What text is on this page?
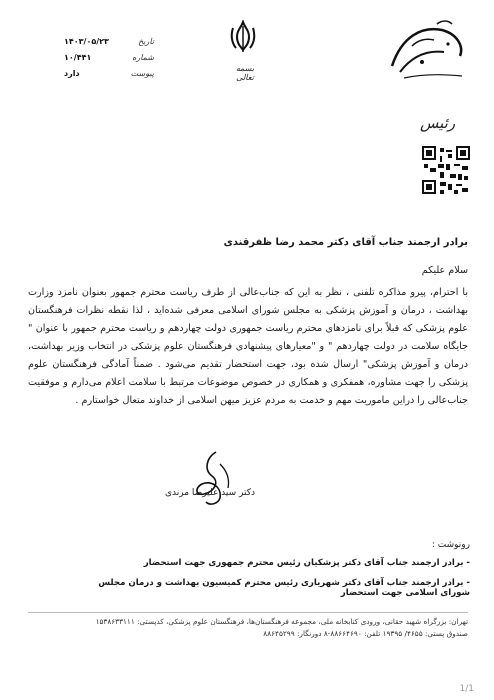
تاریخ
۱۴۰۳/۰۵/۲۳
شماره
۱۰/۴۴۱
پیوست
دارد
بسمه تعالی
رئیس
برادر ارجمند جناب آقای دکتر محمد رضا ظفرقندی
سلام علیکم
با احترام، پیرو مذاکره تلفنی ، نظر به این که جناب‌عالی از طرف ریاست محترم جمهور بعنوان نامزد وزارت بهداشت ، درمان و آموزش پزشکی به مجلس شورای اسلامی معرفی شده‌اید ، لذا نقطه نظرات فرهنگستان علوم پزشکی که قبلاً برای نامزدهای محترم ریاست جمهوری دولت چهاردهم و ریاست محترم جمهور با عنوان " جایگاه سلامت در دولت چهاردهم " و "معیارهای پیشنهادی فرهنگستان علوم پزشکی در انتخاب وزیر بهداشت، درمان و آموزش پزشکی" ارسال شده بود، جهت استحضار تقدیم می‌شود . ضمناً آمادگی فرهنگستان علوم پزشکی را جهت مشاوره، همفکری و همکاری در خصوص موضوعات مرتبط با سلامت اعلام می‌دارم و موفقیت جناب‌عالی را دراین ماموریت مهم و خدمت به مردم عزیز میهن اسلامی از خداوند متعال خواستارم .
دکتر سید علیرضا مرندی
رونوشت :
- برادر ارجمند جناب آقای دکتر پزشکیان رئیس محترم جمهوری جهت استحضار
- برادر ارجمند جناب آقای دکتر شهریاری رئیس محترم کمیسیون بهداشت و درمان مجلس شورای اسلامی جهت استحضار
تهران: بزرگراه شهید حقانی، ورودی کتابخانه ملی، مجموعه فرهنگستان‌ها، فرهنگستان علوم پزشکی، کدپستی: ۱۵۳۸۶۳۳۱۱۱
صندوق پستی: ۴۶۵۵/ ۱۹۳۹۵ تلفن: ۸۸۶۶۴۶۹۰-۸ دورنگار: ۸۸۶۴۵۲۹۹
1/1
